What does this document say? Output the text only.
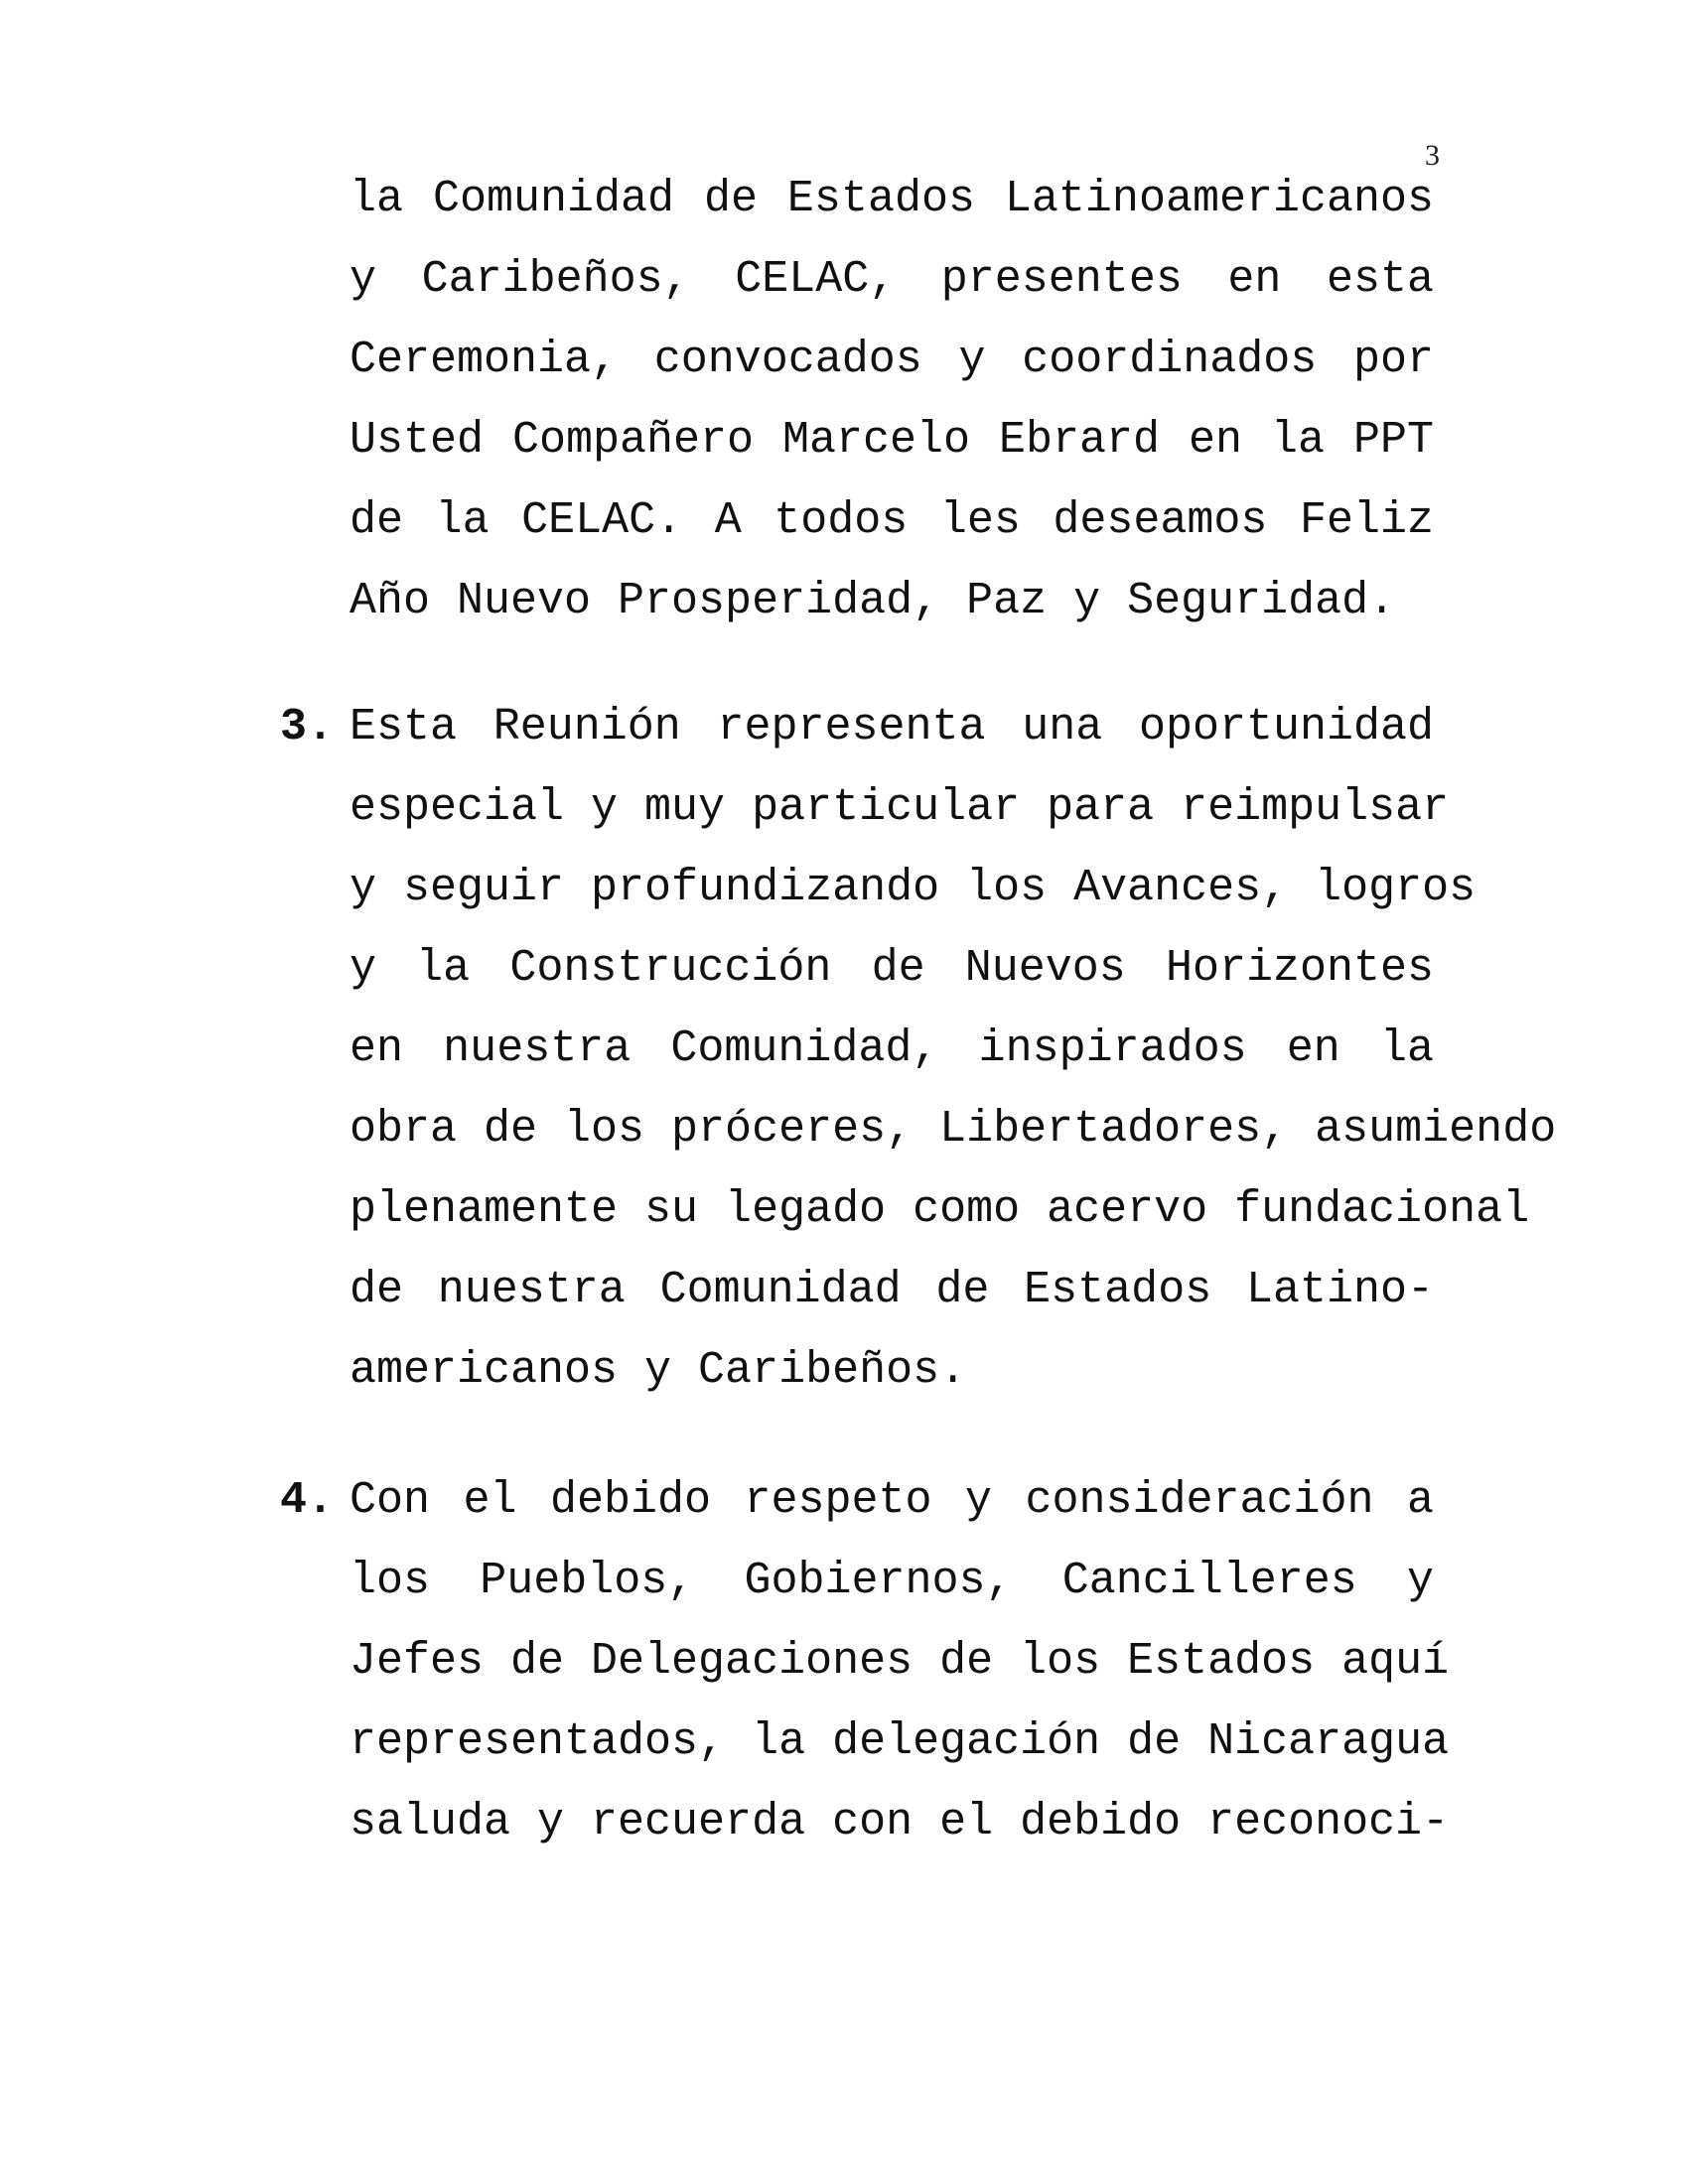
3
la Comunidad de Estados Latinoamericanos
y Caribeños, CELAC, presentes en esta
Ceremonia, convocados y coordinados por
Usted Compañero Marcelo Ebrard en la PPT
de la CELAC. A todos les deseamos Feliz
Año Nuevo Prosperidad, Paz y Seguridad.
3. Esta Reunión representa una oportunidad
especial y muy particular para reimpulsar
y seguir profundizando los Avances, logros
y la Construcción de Nuevos Horizontes
en nuestra Comunidad, inspirados en la
obra de los próceres, Libertadores, asumiendo
plenamente su legado como acervo fundacional
de nuestra Comunidad de Estados Latino-
americanos y Caribeños.
4. Con el debido respeto y consideración a
los Pueblos, Gobiernos, Cancilleres y
Jefes de Delegaciones de los Estados aquí
representados, la delegación de Nicaragua
saluda y recuerda con el debido reconoci-
